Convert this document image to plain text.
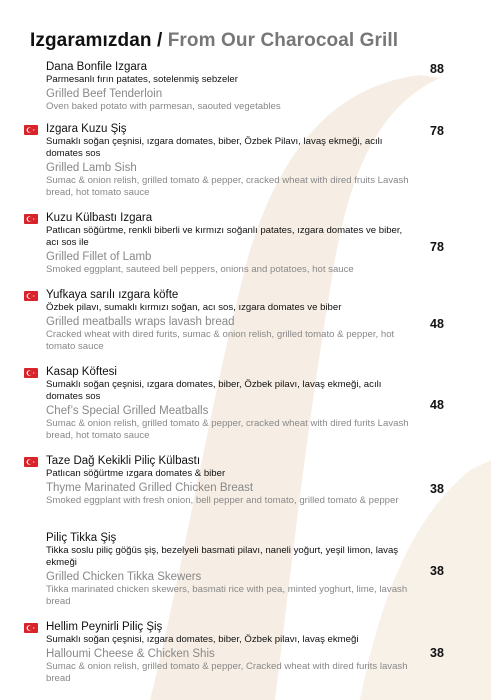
Izgaramızdan / From Our Charocoal Grill
Dana Bonfile Izgara
Parmesanlı fırın patates, sotelenmiş sebzeler
Grilled Beef Tenderloin
Oven baked potato with parmesan, saouted vegetables
88
Izgara Kuzu Şiş
Sumaklı soğan çeşnisi, ızgara domates, biber, Özbek Pilavı, lavaş ekmeği, acılı domates sos
Grilled Lamb Sish
Sumac & onion relish, grilled tomato & pepper, cracked wheat with dired fruits Lavash bread, hot tomato sauce
78
Kuzu Külbastı Izgara
Patlıcan söğürtme, renkli biberli ve kırmızı soğanlı patates, ızgara domates ve biber, acı sos ile
Grilled Fillet of Lamb
Smoked eggplant, sauteed bell peppers, onions and potatoes, hot sauce
78
Yufkaya sarılı ızgara köfte
Özbek pilavı, sumaklı kırmızı soğan, acı sos, ızgara domates ve biber
Grilled meatballs wraps lavash bread
Cracked wheat with dired furits, sumac & onion relish, grilled tomato & pepper, hot tomato sauce
48
Kasap Köftesi
Sumaklı soğan çeşnisi, ızgara domates, biber, Özbek pilavı, lavaş ekmeği, acılı domates sos
Chef’s Special Grilled Meatballs
Sumac & onion relish, grilled tomato & pepper, cracked wheat with dired furits Lavash bread, hot tomato sauce
48
Taze Dağ Kekikli Piliç Külbastı
Patlıcan söğürtme ızgara domates & biber
Thyme Marinated Grilled Chicken Breast
Smoked eggplant with fresh onion, bell pepper and tomato, grilled tomato & pepper
38
Piliç Tikka Şiş
Tikka soslu piliç göğüs şiş, bezelyeli basmati pilavı, naneli yoğurt, yeşil limon, lavaş ekmeği
Grilled Chicken Tikka Skewers
Tikka marinated chicken skewers, basmati rice with pea, minted yoghurt, lime, lavash bread
38
Hellim Peynirli Piliç Şiş
Sumaklı soğan çeşnisi, ızgara domates, biber, Özbek pilavı, lavaş ekmeği
Halloumi Cheese & Chicken Shis
Sumac & onion relish, grilled tomato & pepper, Cracked wheat with dired furits lavash bread
38
